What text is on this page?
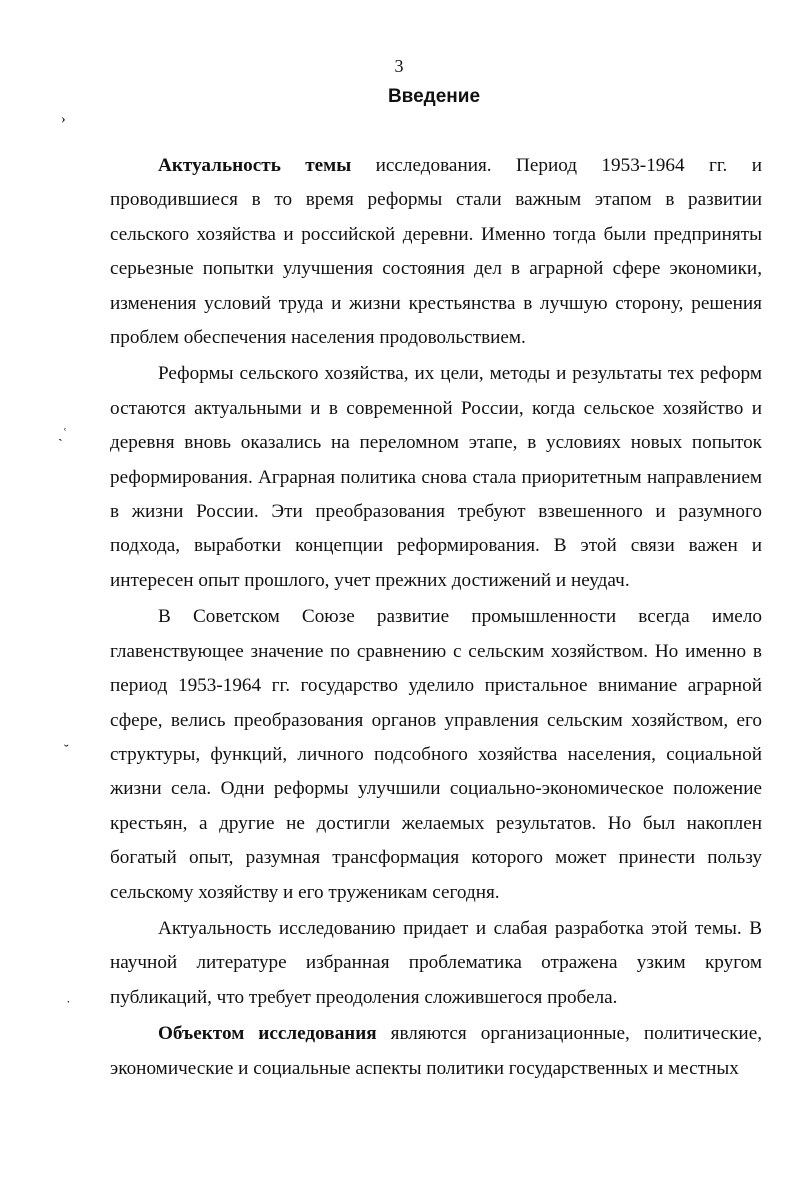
3
Введение
›
ˎʿ
˘
˙

Актуальность темы исследования. Период 1953-1964 гг. и проводившиеся в то время реформы стали важным этапом в развитии сельского хозяйства и российской деревни. Именно тогда были предприняты серьезные попытки улучшения состояния дел в аграрной сфере экономики, изменения условий труда и жизни крестьянства в лучшую сторону, решения проблем обеспечения населения продовольствием.

Реформы сельского хозяйства, их цели, методы и результаты тех реформ остаются актуальными и в современной России, когда сельское хозяйство и деревня вновь оказались на переломном этапе, в условиях новых попыток реформирования. Аграрная политика снова стала приоритетным направлением в жизни России. Эти преобразования требуют взвешенного и разумного подхода, выработки концепции реформирования. В этой связи важен и интересен опыт прошлого, учет прежних достижений и неудач.

В Советском Союзе развитие промышленности всегда имело главенствующее значение по сравнению с сельским хозяйством. Но именно в период 1953-1964 гг. государство уделило пристальное внимание аграрной сфере, велись преобразования органов управления сельским хозяйством, его структуры, функций, личного подсобного хозяйства населения, социальной жизни села. Одни реформы улучшили социально-экономическое положение крестьян, а другие не достигли желаемых результатов. Но был накоплен богатый опыт, разумная трансформация которого может принести пользу сельскому хозяйству и его труженикам сегодня.

Актуальность исследованию придает и слабая разработка этой темы. В научной литературе избранная проблематика отражена узким кругом публикаций, что требует преодоления сложившегося пробела.

Объектом исследования являются организационные, политические, экономические и социальные аспекты политики государственных и местных
